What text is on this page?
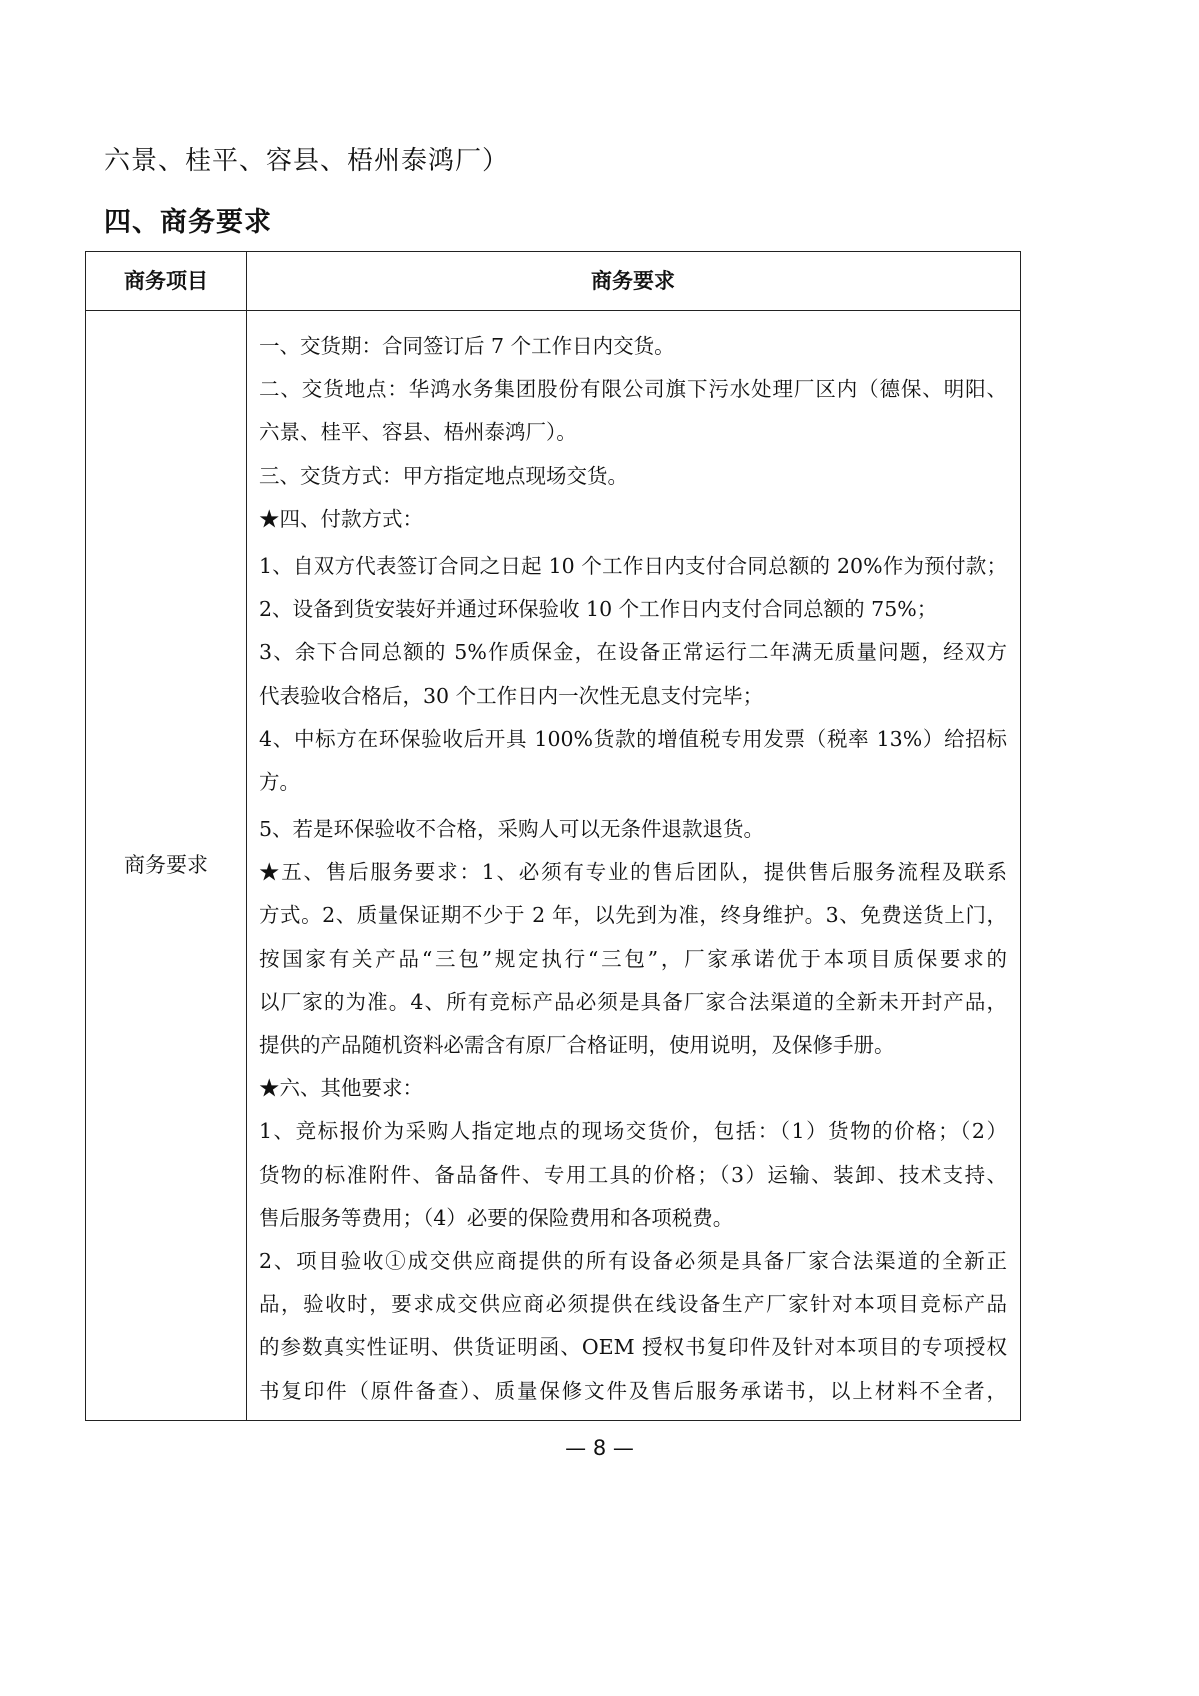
六景、桂平、容县、梧州泰鸿厂）
四、商务要求
商务项目	商务要求
商务要求
一、交货期：合同签订后 7 个工作日内交货。
二、交货地点：华鸿水务集团股份有限公司旗下污水处理厂区内（德保、明阳、
六景、桂平、容县、梧州泰鸿厂）。
三、交货方式：甲方指定地点现场交货。
★四、付款方式：
1、自双方代表签订合同之日起 10 个工作日内支付合同总额的 20%作为预付款；
2、设备到货安装好并通过环保验收 10 个工作日内支付合同总额的 75%；
3、余下合同总额的 5%作质保金，在设备正常运行二年满无质量问题，经双方
代表验收合格后，30 个工作日内一次性无息支付完毕；
4、中标方在环保验收后开具 100%货款的增值税专用发票（税率 13%）给招标
方。
5、若是环保验收不合格，采购人可以无条件退款退货。
★五、售后服务要求：1、必须有专业的售后团队，提供售后服务流程及联系
方式。2、质量保证期不少于 2 年，以先到为准，终身维护。3、免费送货上门，
按国家有关产品“三包”规定执行“三包”，厂家承诺优于本项目质保要求的
以厂家的为准。4、所有竞标产品必须是具备厂家合法渠道的全新未开封产品，
提供的产品随机资料必需含有原厂合格证明，使用说明，及保修手册。
★六、其他要求：
1、竞标报价为采购人指定地点的现场交货价，包括：（1）货物的价格；（2）
货物的标准附件、备品备件、专用工具的价格；（3）运输、装卸、技术支持、
售后服务等费用；（4）必要的保险费用和各项税费。
2、项目验收①成交供应商提供的所有设备必须是具备厂家合法渠道的全新正
品，验收时，要求成交供应商必须提供在线设备生产厂家针对本项目竞标产品
的参数真实性证明、供货证明函、OEM 授权书复印件及针对本项目的专项授权
书复印件（原件备查）、质量保修文件及售后服务承诺书，以上材料不全者，
— 8 —
